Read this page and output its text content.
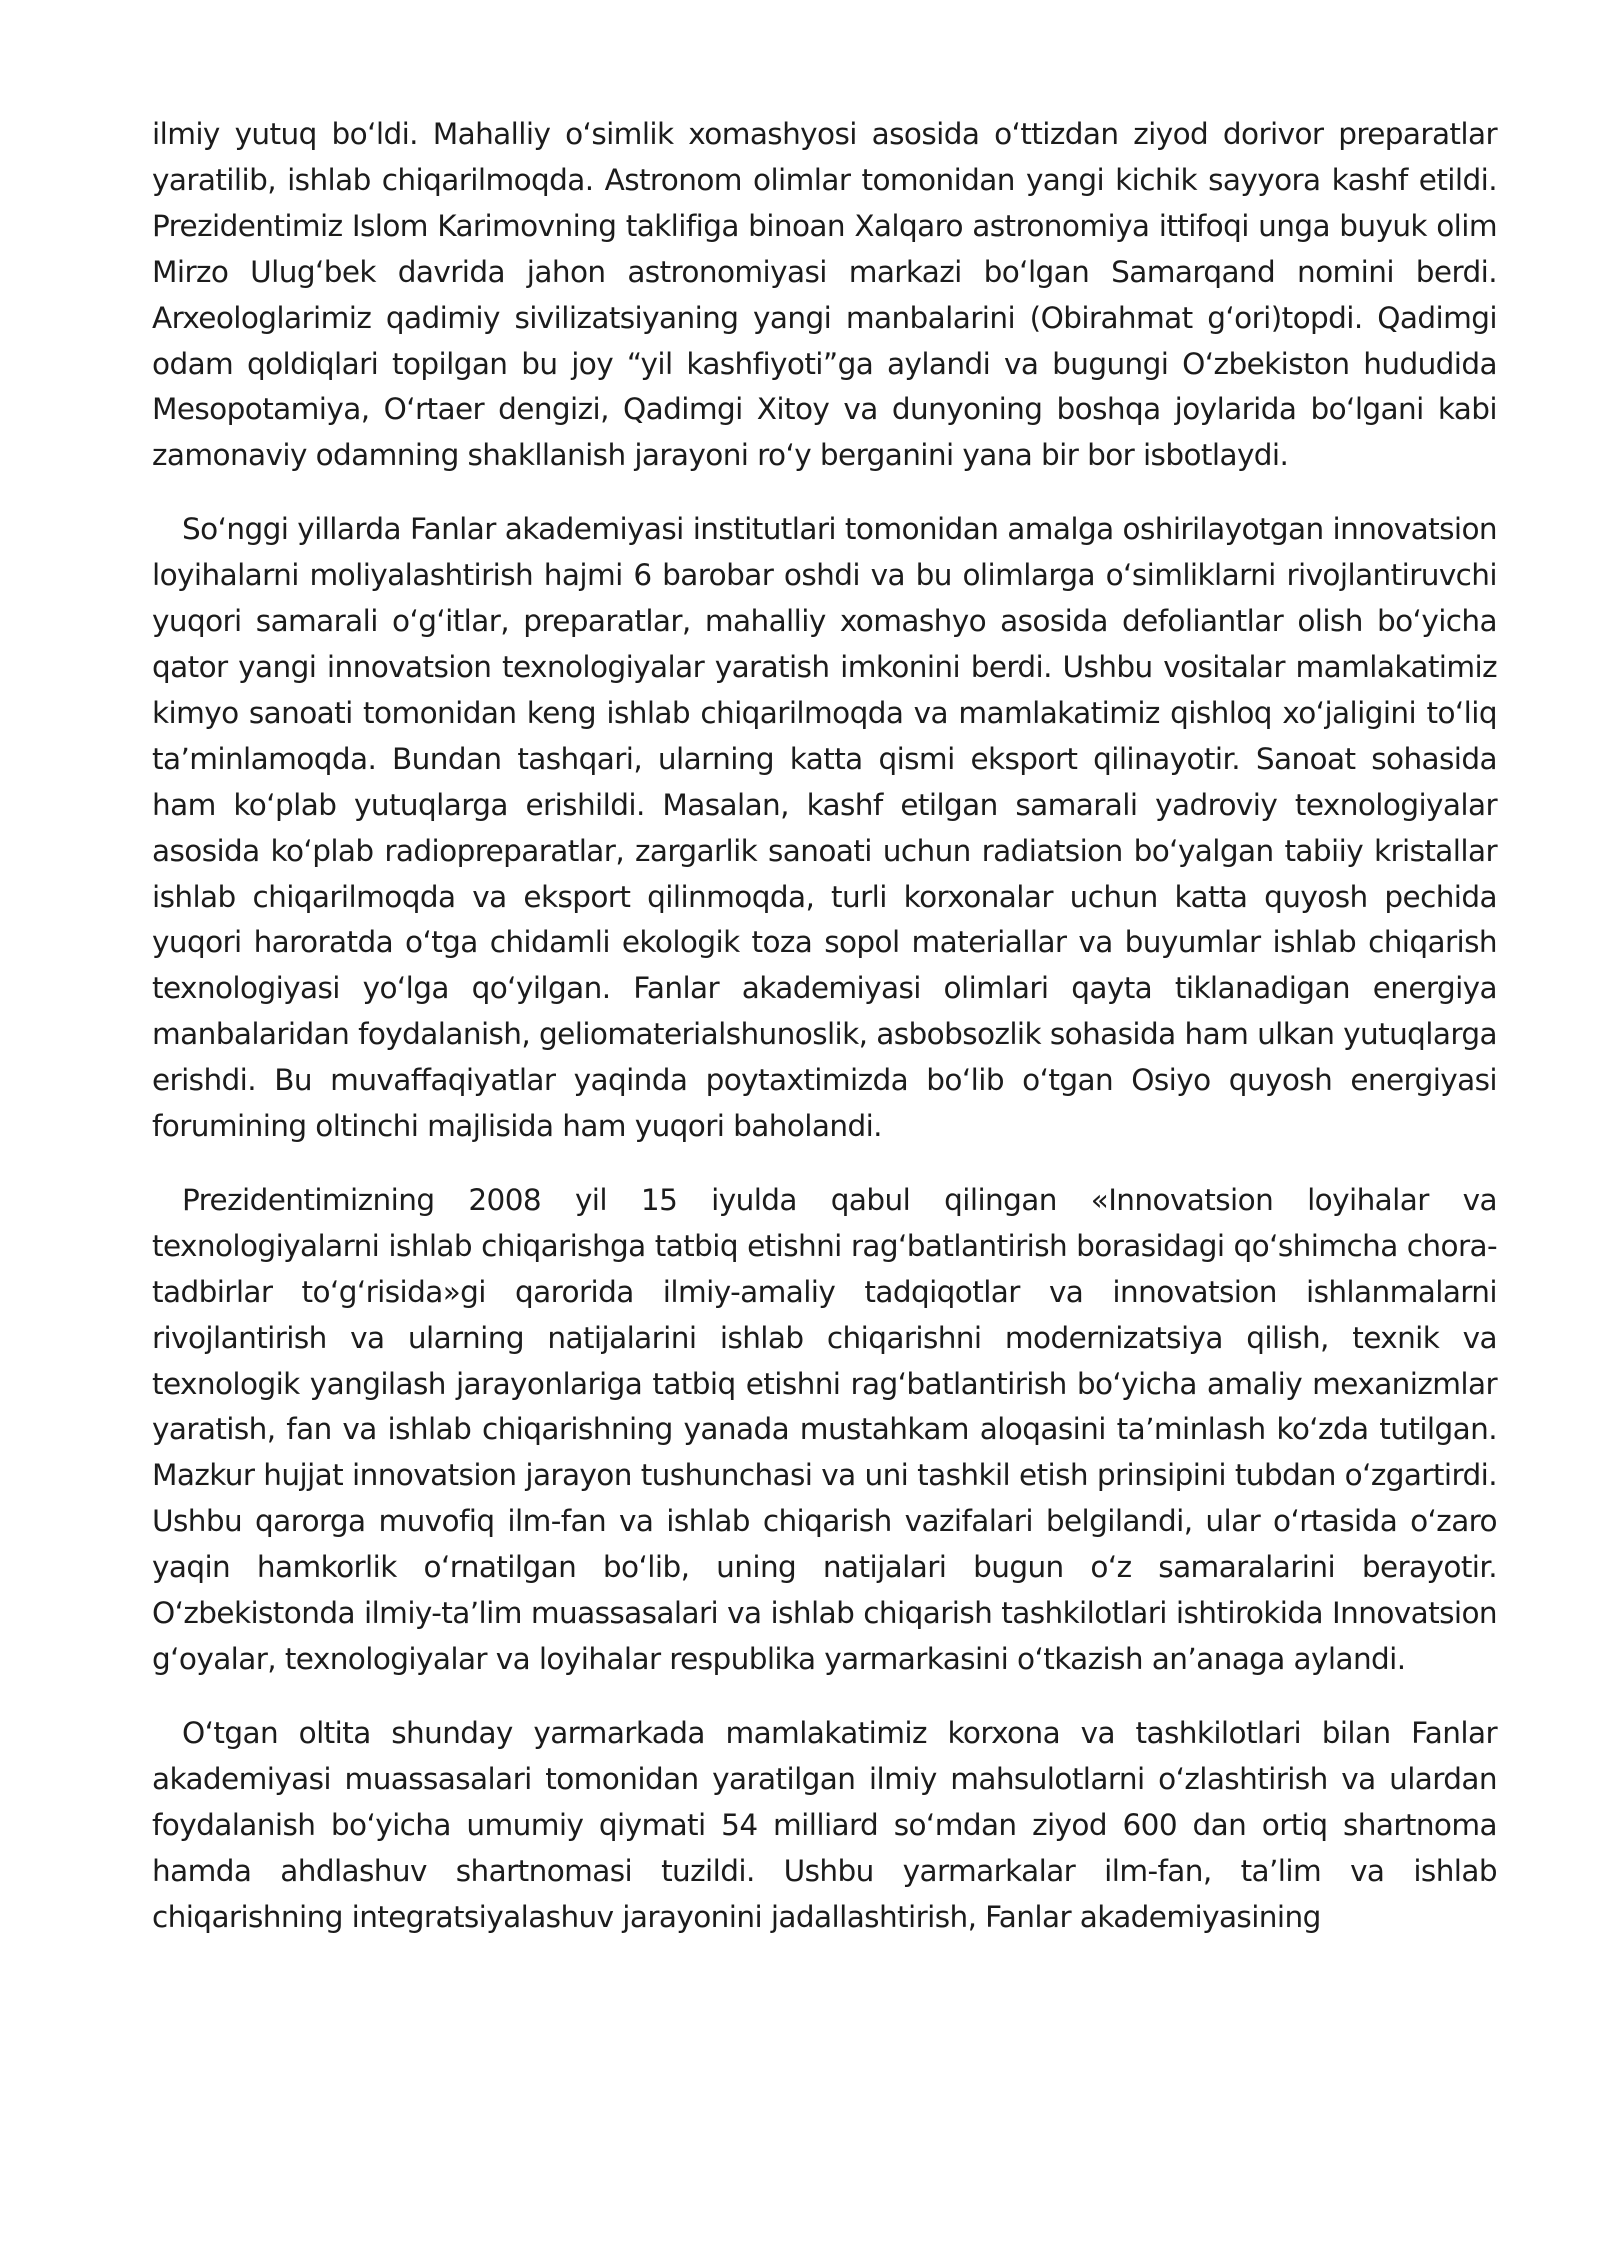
ilmiy yutuq boʻldi. Mahalliy oʻsimlik xomashyosi asosida oʻttizdan ziyod dorivor preparatlar yaratilib, ishlab chiqarilmoqda. Astronom olimlar tomonidan yangi kichik sayyora kashf etildi. Prezidentimiz Islom Karimovning taklifiga binoan Xalqaro astronomiya ittifoqi unga buyuk olim Mirzo Ulugʻbek davrida jahon astronomiyasi markazi boʻlgan Samarqand nomini berdi. Arxeologlarimiz qadimiy sivilizatsiyaning yangi manbalarini (Obirahmat gʻori)topdi. Qadimgi odam qoldiqlari topilgan bu joy “yil kashfiyoti”ga aylandi va bugungi Oʻzbekiston hududida Mesopotamiya, Oʻrtaer dengizi, Qadimgi Xitoy va dunyoning boshqa joylarida boʻlgani kabi zamonaviy odamning shakllanish jarayoni roʻy berganini yana bir bor isbotlaydi.

Soʻnggi yillarda Fanlar akademiyasi institutlari tomonidan amalga oshirilayotgan innovatsion loyihalarni moliyalashtirish hajmi 6 barobar oshdi va bu olimlarga oʻsimliklarni rivojlantiruvchi yuqori samarali oʻgʻitlar, preparatlar, mahalliy xomashyo asosida defoliantlar olish boʻyicha qator yangi innovatsion texnologiyalar yaratish imkonini berdi. Ushbu vositalar mamlakatimiz kimyo sanoati tomonidan keng ishlab chiqarilmoqda va mamlakatimiz qishloq xoʻjaligini toʻliq taʼminlamoqda. Bundan tashqari, ularning katta qismi eksport qilinayotir. Sanoat sohasida ham koʻplab yutuqlarga erishildi. Masalan, kashf etilgan samarali yadroviy texnologiyalar asosida koʻplab radiopreparatlar, zargarlik sanoati uchun radiatsion boʻyalgan tabiiy kristallar ishlab chiqarilmoqda va eksport qilinmoqda, turli korxonalar uchun katta quyosh pechida yuqori haroratda oʻtga chidamli ekologik toza sopol materiallar va buyumlar ishlab chiqarish texnologiyasi yoʻlga qoʻyilgan. Fanlar akademiyasi olimlari qayta tiklanadigan energiya manbalaridan foydalanish, geliomaterialshunoslik, asbobsozlik sohasida ham ulkan yutuqlarga erishdi. Bu muvaffaqiyatlar yaqinda poytaxtimizda boʻlib oʻtgan Osiyo quyosh energiyasi forumining oltinchi majlisida ham yuqori baholandi.

Prezidentimizning 2008 yil 15 iyulda qabul qilingan «Innovatsion loyihalar va texnologiyalarni ishlab chiqarishga tatbiq etishni ragʻbatlantirish borasidagi qoʻshimcha chora-tadbirlar toʻgʻrisida»gi qarorida ilmiy-amaliy tadqiqotlar va innovatsion ishlanmalarni rivojlantirish va ularning natijalarini ishlab chiqarishni modernizatsiya qilish, texnik va texnologik yangilash jarayonlariga tatbiq etishni ragʻbatlantirish boʻyicha amaliy mexanizmlar yaratish, fan va ishlab chiqarishning yanada mustahkam aloqasini taʼminlash koʻzda tutilgan. Mazkur hujjat innovatsion jarayon tushunchasi va uni tashkil etish prinsipini tubdan oʻzgartirdi. Ushbu qarorga muvofiq ilm-fan va ishlab chiqarish vazifalari belgilandi, ular oʻrtasida oʻzaro yaqin hamkorlik oʻrnatilgan boʻlib, uning natijalari bugun oʻz samaralarini berayotir. Oʻzbekistonda ilmiy-taʼlim muassasalari va ishlab chiqarish tashkilotlari ishtirokida Innovatsion gʻoyalar, texnologiyalar va loyihalar respublika yarmarkasini oʻtkazish anʼanaga aylandi.

Oʻtgan oltita shunday yarmarkada mamlakatimiz korxona va tashkilotlari bilan Fanlar akademiyasi muassasalari tomonidan yaratilgan ilmiy mahsulotlarni oʻzlashtirish va ulardan foydalanish boʻyicha umumiy qiymati 54 milliard soʻmdan ziyod 600 dan ortiq shartnoma hamda ahdlashuv shartnomasi tuzildi. Ushbu yarmarkalar ilm-fan, taʼlim va ishlab chiqarishning integratsiyalashuv jarayonini jadallashtirish, Fanlar akademiyasining
